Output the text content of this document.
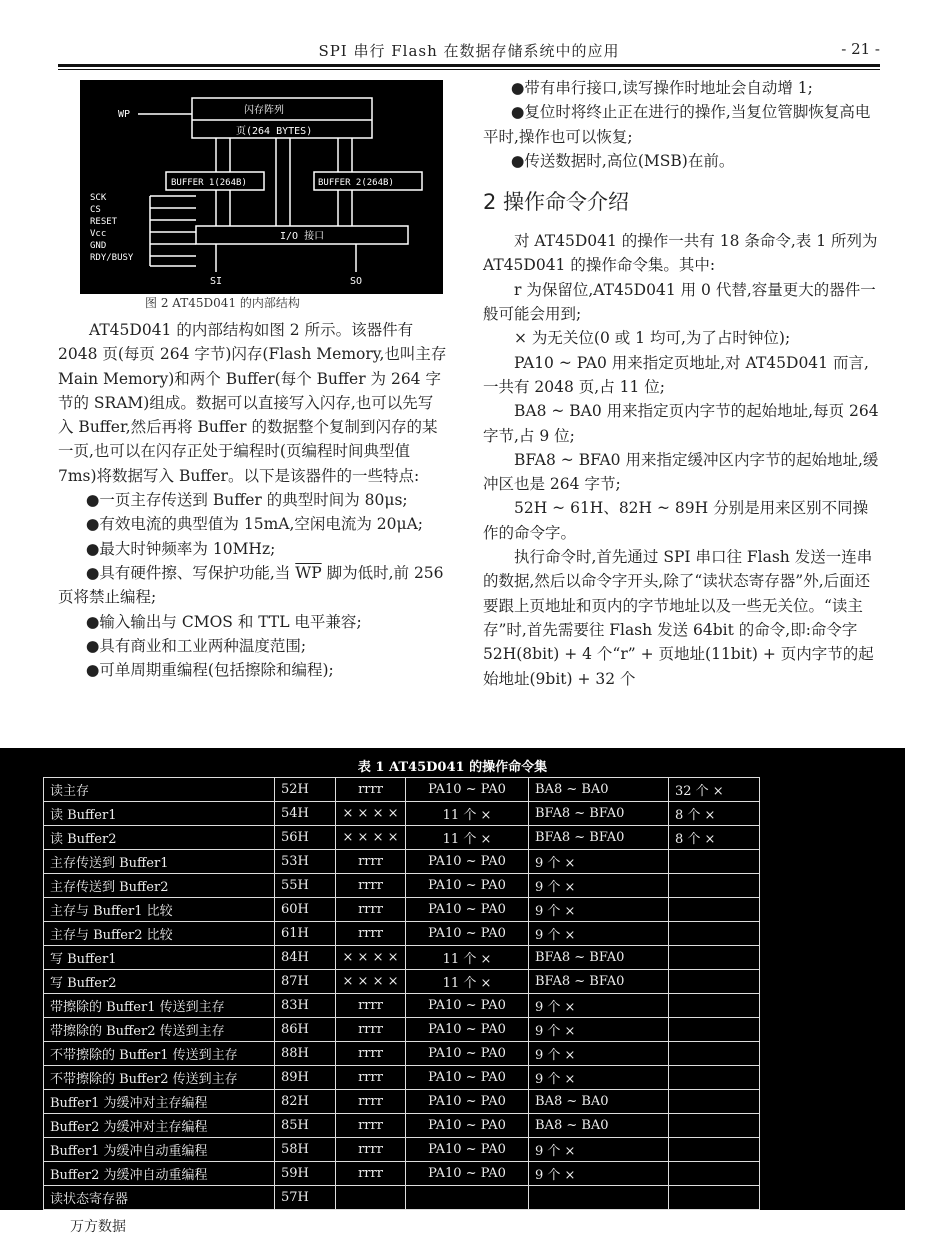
SPI 串行 Flash 在数据存储系统中的应用	- 21 -
WP	闪存阵列
页(264 BYTES)
BUFFER 1(264B)	BUFFER 2(264B)
I/O 接口
SCK
CS
RESET
Vcc
GND
RDY/BUSY
SI	SO
图 2 AT45D041 的内部结构

AT45D041 的内部结构如图 2 所示。该器件有 2048 页(每页 264 字节)闪存(Flash Memory,也叫主存 Main Memory)和两个 Buffer(每个 Buffer 为 264 字节的 SRAM)组成。数据可以直接写入闪存,也可以先写入 Buffer,然后再将 Buffer 的数据整个复制到闪存的某一页,也可以在闪存正处于编程时(页编程时间典型值 7ms)将数据写入 Buffer。以下是该器件的一些特点:

●一页主存传送到 Buffer 的典型时间为 80μs;

●有效电流的典型值为 15mA,空闲电流为 20μA;

●最大时钟频率为 10MHz;

●具有硬件擦、写保护功能,当 $\overline{WP}$ 脚为低时,前 256 页将禁止编程;

●输入输出与 CMOS 和 TTL 电平兼容;

●具有商业和工业两种温度范围;

●可单周期重编程(包括擦除和编程);

●带有串行接口,读写操作时地址会自动增 1;

●复位时将终止正在进行的操作,当复位管脚恢复高电平时,操作也可以恢复;

●传送数据时,高位(MSB)在前。

2 操作命令介绍

对 AT45D041 的操作一共有 18 条命令,表 1 所列为 AT45D041 的操作命令集。其中:

r 为保留位,AT45D041 用 0 代替,容量更大的器件一般可能会用到;

× 为无关位(0 或 1 均可,为了占时钟位);

PA10 ~ PA0 用来指定页地址,对 AT45D041 而言,一共有 2048 页,占 11 位;

BA8 ~ BA0 用来指定页内字节的起始地址,每页 264 字节,占 9 位;

BFA8 ~ BFA0 用来指定缓冲区内字节的起始地址,缓冲区也是 264 字节;

52H ~ 61H、82H ~ 89H 分别是用来区别不同操作的命令字。

执行命令时,首先通过 SPI 串口往 Flash 发送一连串的数据,然后以命令字开头,除了“读状态寄存器”外,后面还要跟上页地址和页内的字节地址以及一些无关位。“读主存”时,首先需要往 Flash 发送 64bit 的命令,即:命令字 52H(8bit) + 4 个“r” + 页地址(11bit) + 页内字节的起始地址(9bit) + 32 个

表 1 AT45D041 的操作命令集
读主存	52H	rrrr	PA10 ~ PA0	BA8 ~ BA0	32 个 ×
读 Buffer1	54H	× × × ×	11 个 ×	BFA8 ~ BFA0	8 个 ×
读 Buffer2	56H	× × × ×	11 个 ×	BFA8 ~ BFA0	8 个 ×
主存传送到 Buffer1	53H	rrrr	PA10 ~ PA0	9 个 ×	
主存传送到 Buffer2	55H	rrrr	PA10 ~ PA0	9 个 ×	
主存与 Buffer1 比较	60H	rrrr	PA10 ~ PA0	9 个 ×	
主存与 Buffer2 比较	61H	rrrr	PA10 ~ PA0	9 个 ×	
写 Buffer1	84H	× × × ×	11 个 ×	BFA8 ~ BFA0	
写 Buffer2	87H	× × × ×	11 个 ×	BFA8 ~ BFA0	
带擦除的 Buffer1 传送到主存	83H	rrrr	PA10 ~ PA0	9 个 ×	
带擦除的 Buffer2 传送到主存	86H	rrrr	PA10 ~ PA0	9 个 ×	
不带擦除的 Buffer1 传送到主存	88H	rrrr	PA10 ~ PA0	9 个 ×	
不带擦除的 Buffer2 传送到主存	89H	rrrr	PA10 ~ PA0	9 个 ×	
Buffer1 为缓冲对主存编程	82H	rrrr	PA10 ~ PA0	BA8 ~ BA0	
Buffer2 为缓冲对主存编程	85H	rrrr	PA10 ~ PA0	BA8 ~ BA0	
Buffer1 为缓冲自动重编程	58H	rrrr	PA10 ~ PA0	9 个 ×	
Buffer2 为缓冲自动重编程	59H	rrrr	PA10 ~ PA0	9 个 ×	
读状态寄存器	57H				
万方数据
